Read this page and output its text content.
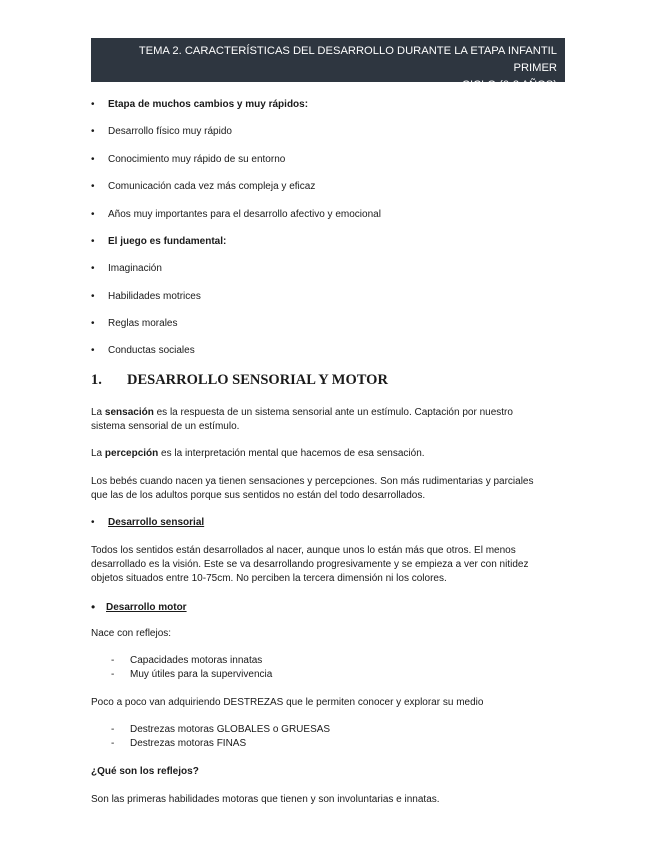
TEMA 2. CARACTERÍSTICAS DEL DESARROLLO DURANTE LA ETAPA INFANTIL PRIMER
CICLO (0-3 AÑOS)
• Etapa de muchos cambios y muy rápidos:
• Desarrollo físico muy rápido
• Conocimiento muy rápido de su entorno
• Comunicación cada vez más compleja y eficaz
• Años muy importantes para el desarrollo afectivo y emocional
• El juego es fundamental:
• Imaginación
• Habilidades motrices
• Reglas morales
• Conductas sociales
1. DESARROLLO SENSORIAL Y MOTOR
La sensación es la respuesta de un sistema sensorial ante un estímulo. Captación por nuestro
sistema sensorial de un estímulo.
La percepción es la interpretación mental que hacemos de esa sensación.
Los bebés cuando nacen ya tienen sensaciones y percepciones. Son más rudimentarias y parciales
que las de los adultos porque sus sentidos no están del todo desarrollados.
• Desarrollo sensorial
Todos los sentidos están desarrollados al nacer, aunque unos lo están más que otros. El menos
desarrollado es la visión. Este se va desarrollando progresivamente y se empieza a ver con nitidez
objetos situados entre 10-75cm. No perciben la tercera dimensión ni los colores.
• Desarrollo motor
Nace con reflejos:
- Capacidades motoras innatas
- Muy útiles para la supervivencia
Poco a poco van adquiriendo DESTREZAS que le permiten conocer y explorar su medio
- Destrezas motoras GLOBALES o GRUESAS
- Destrezas motoras FINAS
¿Qué son los reflejos?
Son las primeras habilidades motoras que tienen y son involuntarias e innatas.
